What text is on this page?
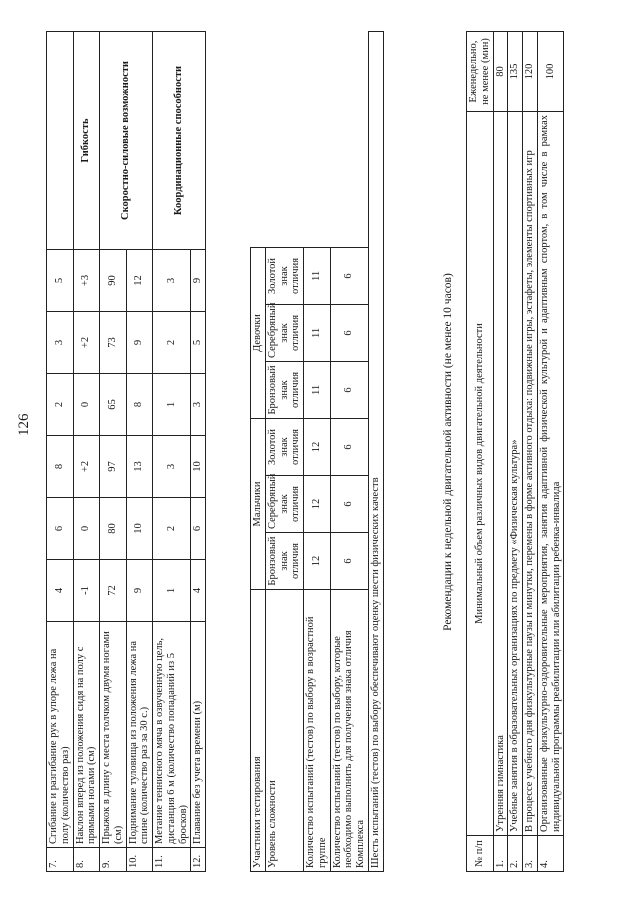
126
7.	Сгибание и разгибание рук в упоре лежа на полу (количество раз)	4	6	8	2	3	5	
8.	Наклон вперед из положения сидя на полу с прямыми ногами (см)	-1	0	+2	0	+2	+3	Гибкость
9.	Прыжок в длину с места толчком двумя ногами (см)	72	80	97	65	73	90	Скоростно-силовые возможности
10.	Поднимание туловища из положения лежа на спине (количество раз за 30 с.)	9	10	13	8	9	12	
11.	Метание теннисного мяча в озвученную цель, дистанция 6 м (количество попаданий из 5 бросков)	1	2	3	1	2	3	Координационные способности
12.	Плавание без учета времени (м)	4	6	10	3	5	9	
Участники тестирования	Мальчики			Девочки			
Уровень сложности	Бронзовый знак отличия	Серебряный знак отличия	Золотой знак отличия	Бронзовый знак отличия	Серебряный знак отличия	Золотой знак отличия	
Количество испытаний (тестов) по выбору в возрастной группе	12	12	12	11	11	11	
Количество испытаний (тестов) по выбору, которые необходимо выполнить для получения знака отличия Комплекса	6	6	6	6	6	6	
Шесть испытаний (тестов) по выбору обеспечивают оценку шести физических качеств							
Рекомендации к недельной двигательной активности (не менее 10 часов)
№ п/п	Минимальный объем различных видов двигательной деятельности	Еженедельно, не менее (мин)
1.	Утренняя гимнастика	80
2.	Учебные занятия в образовательных организациях по предмету «Физическая культура»	135
3.	В процессе учебного дня физкультурные паузы и минутки, перемены в форме активного отдыха: подвижные игры, эстафеты, элементы спортивных игр	120
4.	Организованные физкультурно-оздоровительные мероприятия, занятия адаптивной физической культурой и адаптивным спортом, в том числе в рамках индивидуальной программы реабилитации или абилитации ребенка-инвалида	100
